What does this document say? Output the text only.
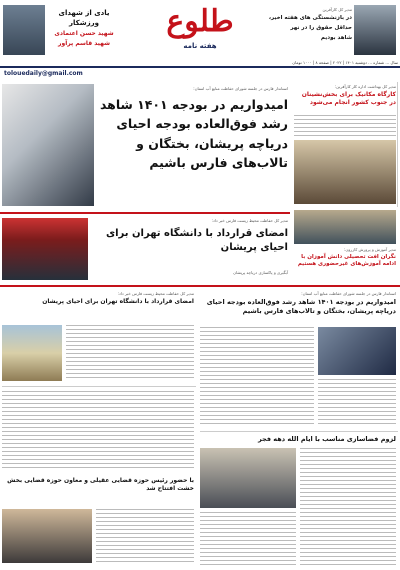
یادی از شهدای
ورزشکار
شهید حسن اعتمادی
شهید قاسم پرآور
طلوع
هفته نامه
مدیر کل کارآفرین
در بازنشستگی های هفته اخیر،
حداقل حقوق را در نهر
شاهد بودیم
سال ... شماره ... دوشنبه ۱۴۰۱ | ۲۰۲۲ | صفحه ۸ | ۱۰۰۰ تومان
tolouedaily@gmail.com
استاندار فارس در جلسه شورای حفاظت منابع آب استان:
امیدواریم در بودجه ۱۴۰۱ شاهد رشد فوق‌العاده بودجه احیای دریاچه پریشان، بختگان و تالاب‌های فارس باشیم
مدیر کل بهداشت اداره کار کارآفرین:
کارگاه مکانیک برای بخش‌نشینان در جنوب کشور انجام می‌شود
مدیر کل حفاظت محیط زیست فارس خبر داد:
امضای قرارداد با دانشگاه تهران برای احیای پریشان
آبگیری و پاکسازی دریاچه پریشان
مدیر آموزش و پرورش کازرون:
نگران افت تحصیلی دانش آموزان با ادامه آموزش‌های غیرحضوری هستیم
استاندار فارس در جلسه شورای حفاظت منابع آب استان:
امیدواریم در بودجه ۱۴۰۱ شاهد رشد فوق‌العاده بودجه احیای دریاچه پریشان، بختگان و تالاب‌های فارس باشیم
مدیر کل حفاظت محیط زیست فارس خبر داد:
امضای قرارداد با دانشگاه تهران برای احیای پریشان
با حضور رئیس حوزه قضایی عقیلی و معاون حوزه قضایی بخش خشت افتتاح شد
لزوم فضاسازی مناسب با ایام الله دهه فجر
